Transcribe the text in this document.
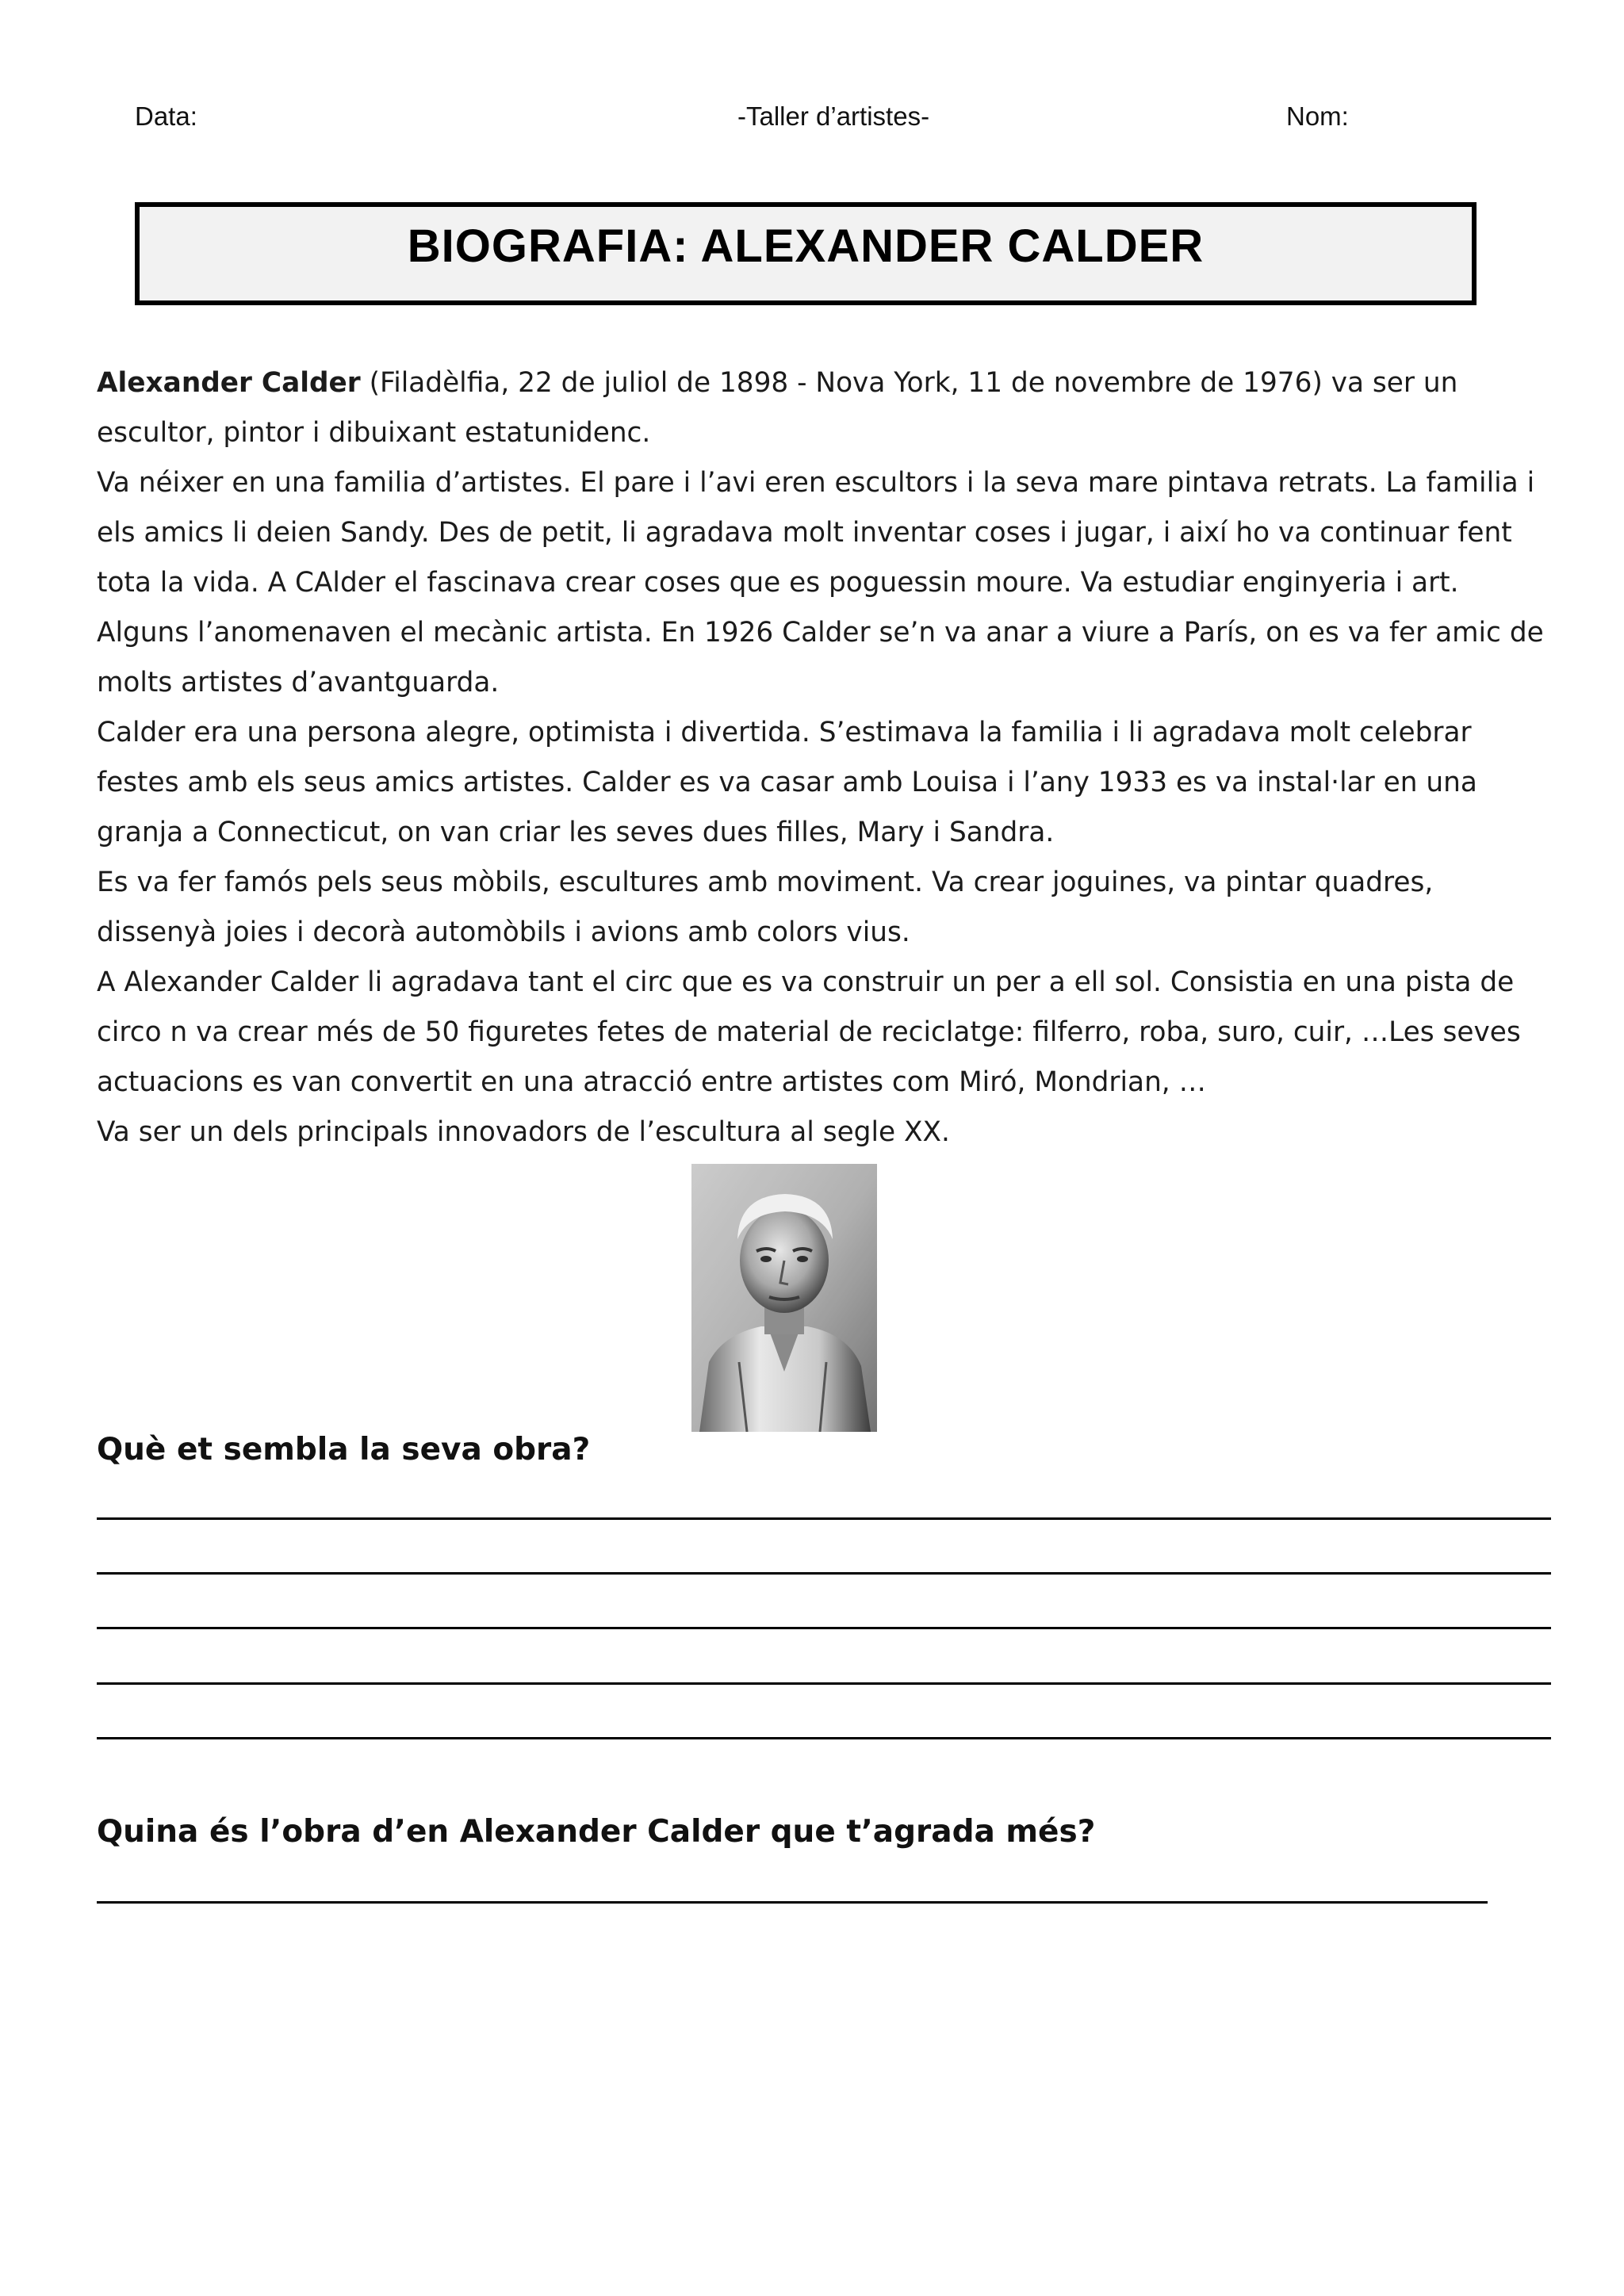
Data:	-Taller d’artistes-	Nom:
BIOGRAFIA: ALEXANDER CALDER

Alexander Calder (Filadèlfia, 22 de juliol de 1898 - Nova York, 11 de novembre de 1976) va ser un escultor, pintor i dibuixant estatunidenc.

Va néixer en una familia d’artistes. El pare i l’avi eren escultors i la seva mare pintava retrats. La familia i els amics li deien Sandy. Des de petit, li agradava molt inventar coses i jugar, i així ho va continuar fent tota la vida. A CAlder el fascinava crear coses que es poguessin moure. Va estudiar enginyeria i art. Alguns l’anomenaven el mecànic artista. En 1926 Calder se’n va anar a viure a París, on es va fer amic de molts artistes d’avantguarda.

Calder era una persona alegre, optimista i divertida. S’estimava la familia i li agradava molt celebrar festes amb els seus amics artistes. Calder es va casar amb Louisa i l’any 1933 es va instal·lar en una granja a Connecticut, on van criar les seves dues filles, Mary i Sandra.

Es va fer famós pels seus mòbils, escultures amb moviment. Va crear joguines, va pintar quadres, dissenyà joies i decorà automòbils i avions amb colors vius.

A Alexander Calder li agradava tant el circ que es va construir un per a ell sol. Consistia en una pista de circo n va crear més de 50 figuretes fetes de material de reciclatge: filferro, roba, suro, cuir, …Les seves actuacions es van convertit en una atracció entre artistes com Miró, Mondrian, …

Va ser un dels principals innovadors de l’escultura al segle XX.

Què et sembla la seva obra?
Quina és l’obra d’en Alexander Calder que t’agrada més?
